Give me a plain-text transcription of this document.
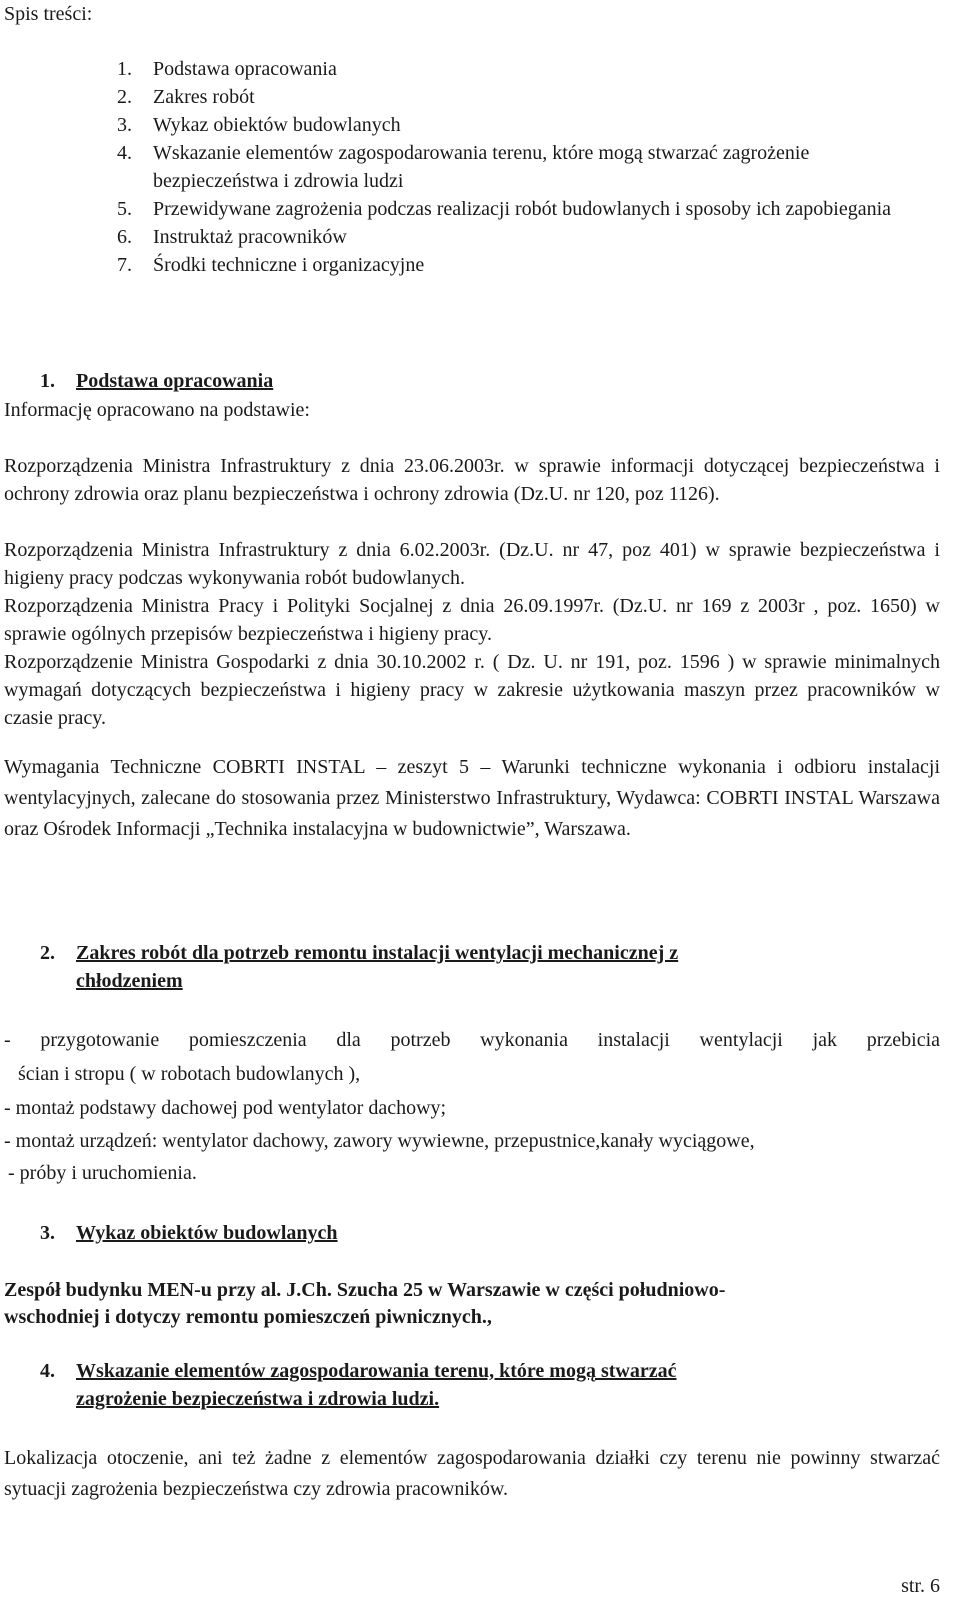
Spis treści:
1.	Podstawa opracowania
2.	Zakres robót
3.	Wykaz obiektów budowlanych
4.	Wskazanie elementów zagospodarowania terenu, które mogą stwarzać zagrożenie bezpieczeństwa i zdrowia ludzi
5.	Przewidywane zagrożenia podczas realizacji robót budowlanych i sposoby ich zapobiegania
6.	Instruktaż pracowników
7.	Środki techniczne i organizacyjne
1. Podstawa opracowania
Informację opracowano na podstawie:
Rozporządzenia Ministra Infrastruktury z dnia 23.06.2003r. w sprawie informacji dotyczącej bezpieczeństwa i ochrony zdrowia oraz planu bezpieczeństwa i ochrony zdrowia (Dz.U. nr 120, poz 1126).
Rozporządzenia Ministra Infrastruktury z dnia 6.02.2003r. (Dz.U. nr 47, poz 401) w sprawie bezpieczeństwa i higieny pracy podczas wykonywania robót budowlanych.
Rozporządzenia Ministra Pracy i Polityki Socjalnej z dnia 26.09.1997r. (Dz.U. nr 169 z 2003r , poz. 1650) w sprawie ogólnych przepisów bezpieczeństwa i higieny pracy.
Rozporządzenie Ministra Gospodarki z dnia 30.10.2002 r. ( Dz. U. nr 191, poz. 1596 ) w sprawie minimalnych wymagań dotyczących bezpieczeństwa i higieny pracy w zakresie użytkowania maszyn przez pracowników w czasie pracy.
Wymagania Techniczne COBRTI INSTAL – zeszyt 5 – Warunki techniczne wykonania i odbioru instalacji wentylacyjnych, zalecane do stosowania przez Ministerstwo Infrastruktury, Wydawca: COBRTI INSTAL Warszawa oraz Ośrodek Informacji „Technika instalacyjna w budownictwie”, Warszawa.
2. Zakres robót dla potrzeb remontu instalacji wentylacji mechanicznej z
chłodzeniem
- przygotowanie pomieszczenia dla potrzeb wykonania instalacji wentylacji jak przebicia
ścian i stropu ( w robotach budowlanych ),
- montaż podstawy dachowej pod wentylator dachowy;
- montaż urządzeń: wentylator dachowy, zawory wywiewne, przepustnice,kanały wyciągowe,
- próby i uruchomienia.
3. Wykaz obiektów budowlanych
Zespół budynku MEN-u przy al. J.Ch. Szucha 25 w Warszawie w części południowo-
wschodniej i dotyczy remontu pomieszczeń piwnicznych.,
4. Wskazanie elementów zagospodarowania terenu, które mogą stwarzać
zagrożenie bezpieczeństwa i zdrowia ludzi.
Lokalizacja otoczenie, ani też żadne z elementów zagospodarowania działki czy terenu nie powinny stwarzać sytuacji zagrożenia bezpieczeństwa czy zdrowia pracowników.
str. 6
